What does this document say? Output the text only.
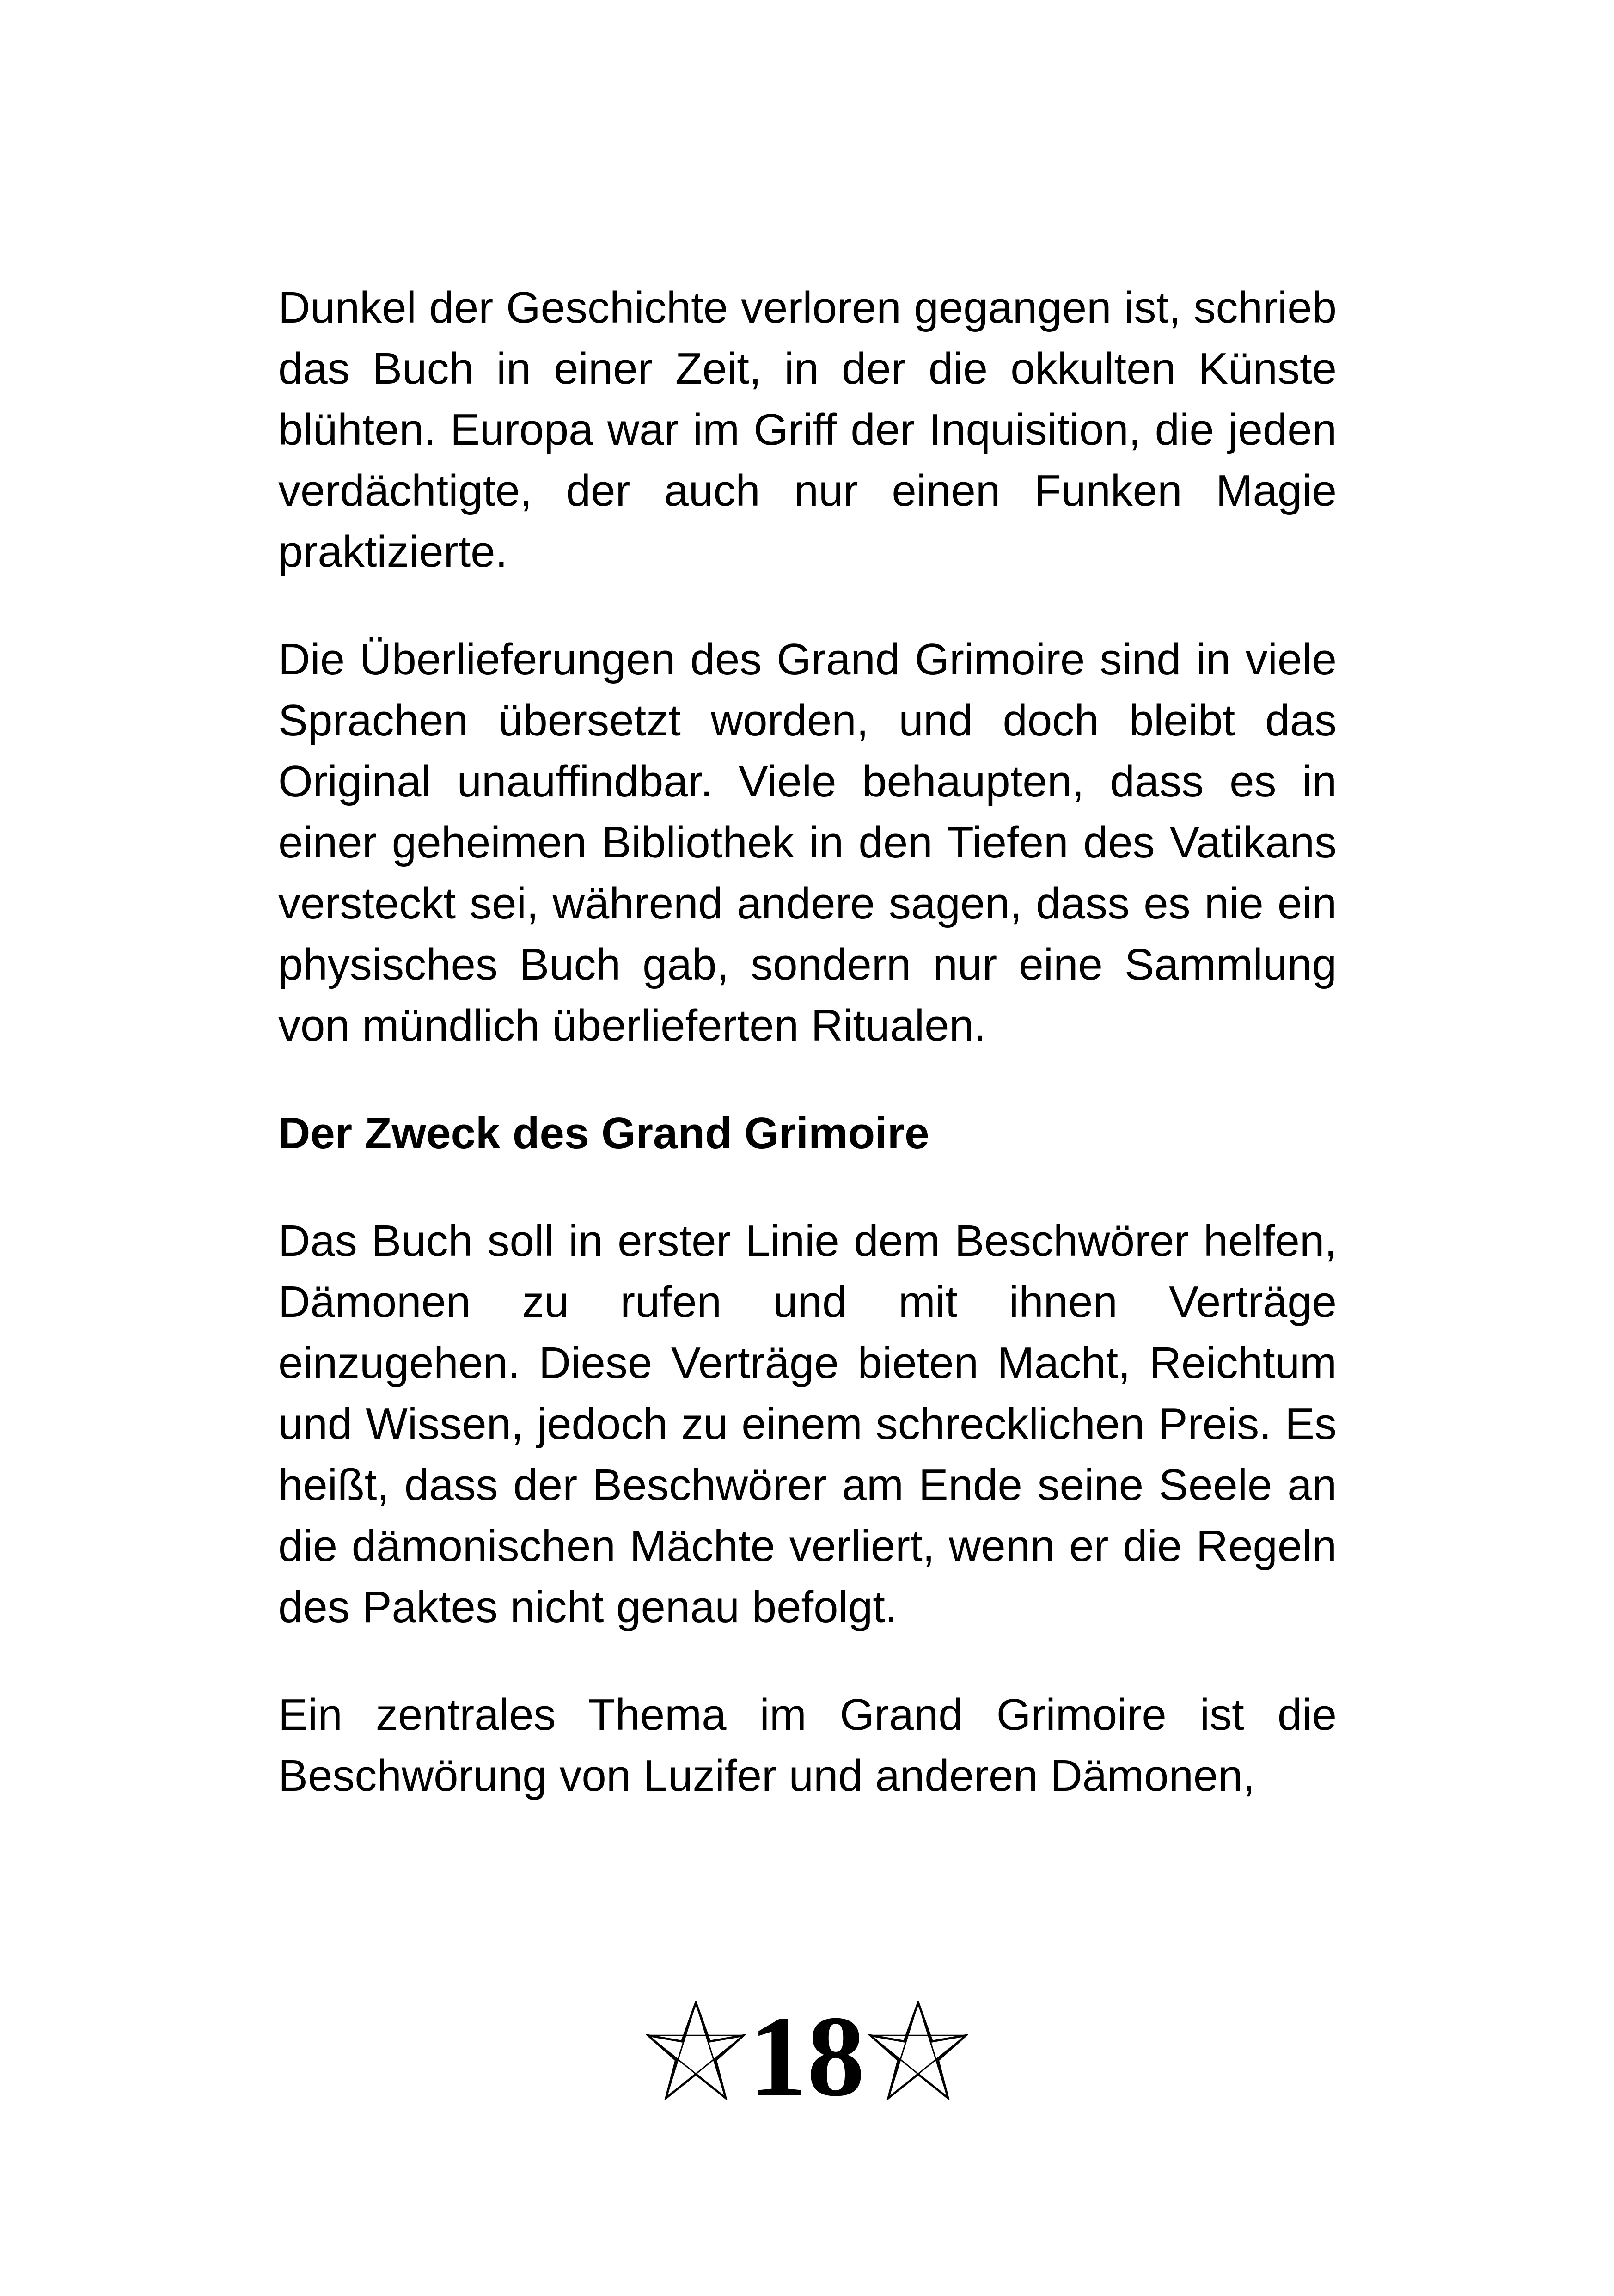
Dunkel der Geschichte verloren gegangen ist, schrieb das Buch in einer Zeit, in der die okkulten Künste blühten. Europa war im Griff der Inquisition, die jeden verdächtigte, der auch nur einen Funken Magie praktizierte.

Die Überlieferungen des Grand Grimoire sind in viele Sprachen übersetzt worden, und doch bleibt das Original unauffindbar. Viele behaupten, dass es in einer geheimen Bibliothek in den Tiefen des Vatikans versteckt sei, während andere sagen, dass es nie ein physisches Buch gab, sondern nur eine Sammlung von mündlich überlieferten Ritualen.

Der Zweck des Grand Grimoire

Das Buch soll in erster Linie dem Beschwörer helfen, Dämonen zu rufen und mit ihnen Verträge einzugehen. Diese Verträge bieten Macht, Reichtum und Wissen, jedoch zu einem schrecklichen Preis. Es heißt, dass der Beschwörer am Ende seine Seele an die dämonischen Mächte verliert, wenn er die Regeln des Paktes nicht genau befolgt.

Ein zentrales Thema im Grand Grimoire ist die Beschwörung von Luzifer und anderen Dämonen,

18
